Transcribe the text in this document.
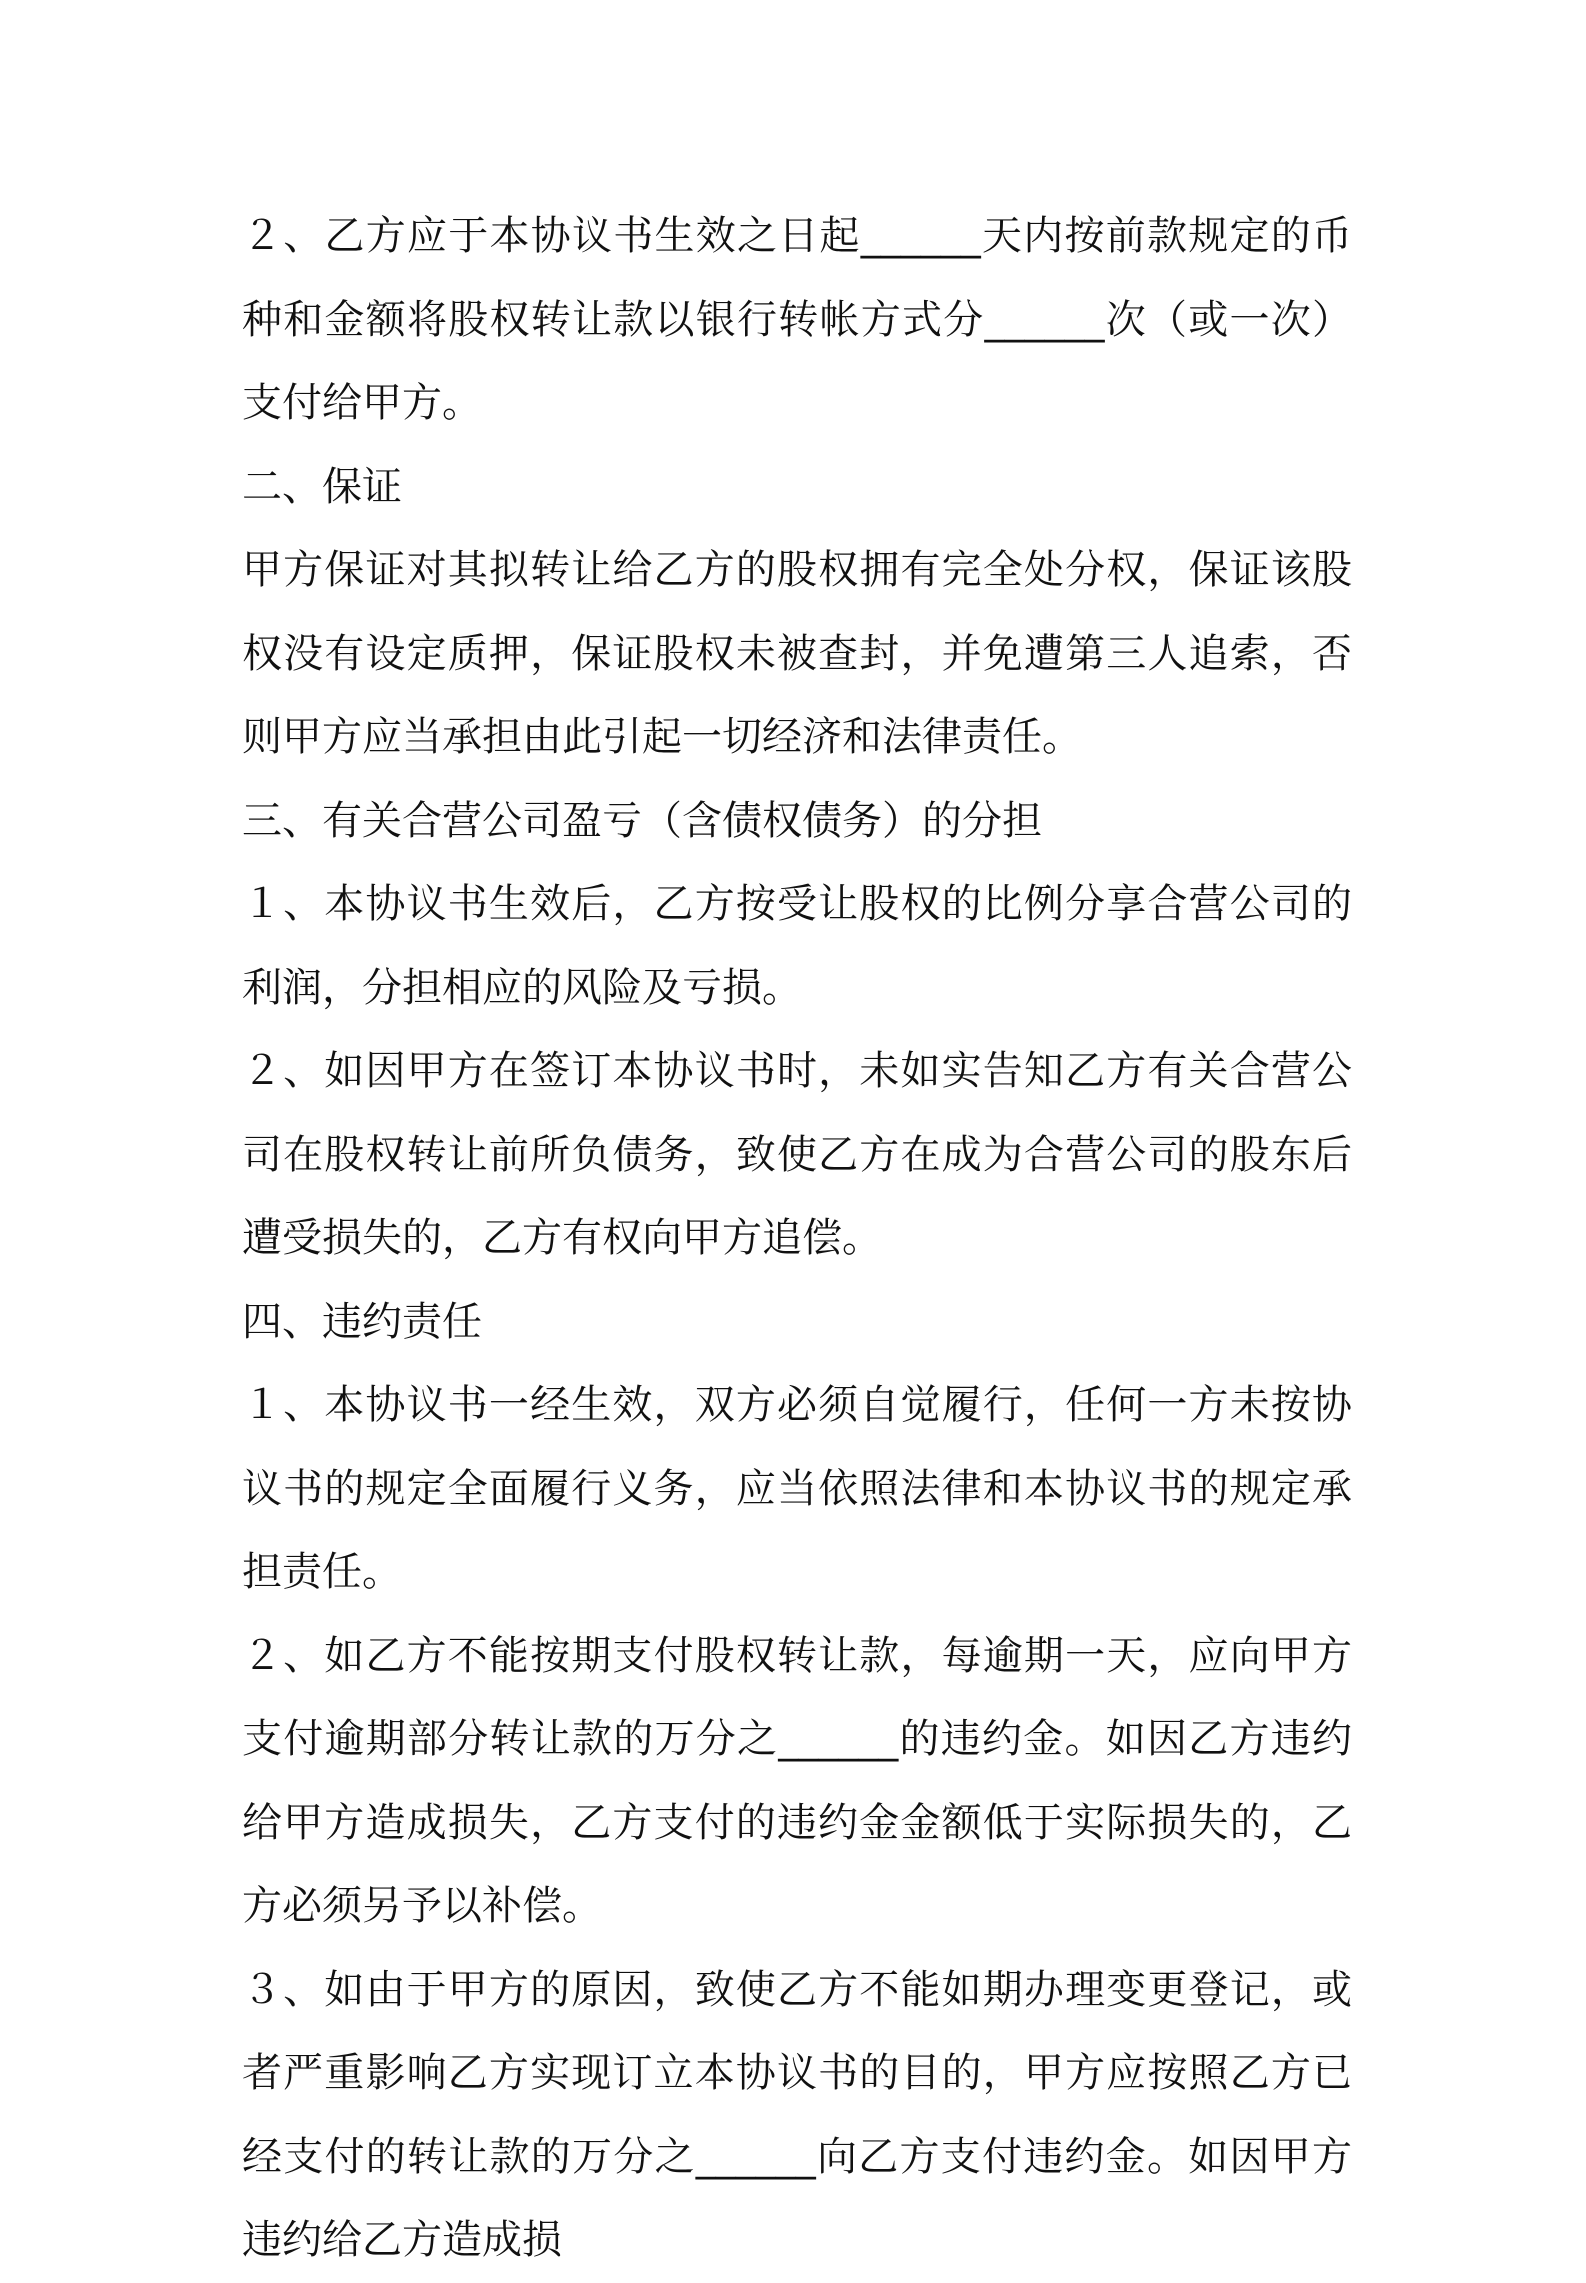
２、乙方应于本协议书生效之日起______天内按前款规定的币种和金额将股权转让款以银行转帐方式分______次（或一次）支付给甲方。

二、保证

甲方保证对其拟转让给乙方的股权拥有完全处分权，保证该股权没有设定质押，保证股权未被查封，并免遭第三人追索，否则甲方应当承担由此引起一切经济和法律责任。

三、有关合营公司盈亏（含债权债务）的分担

１、本协议书生效后，乙方按受让股权的比例分享合营公司的利润，分担相应的风险及亏损。

２、如因甲方在签订本协议书时，未如实告知乙方有关合营公司在股权转让前所负债务，致使乙方在成为合营公司的股东后遭受损失的，乙方有权向甲方追偿。

四、违约责任

１、本协议书一经生效，双方必须自觉履行，任何一方未按协议书的规定全面履行义务，应当依照法律和本协议书的规定承担责任。

２、如乙方不能按期支付股权转让款，每逾期一天，应向甲方支付逾期部分转让款的万分之______的违约金。如因乙方违约给甲方造成损失，乙方支付的违约金金额低于实际损失的，乙方必须另予以补偿。

３、如由于甲方的原因，致使乙方不能如期办理变更登记，或者严重影响乙方实现订立本协议书的目的，甲方应按照乙方已经支付的转让款的万分之______向乙方支付违约金。如因甲方违约给乙方造成损
